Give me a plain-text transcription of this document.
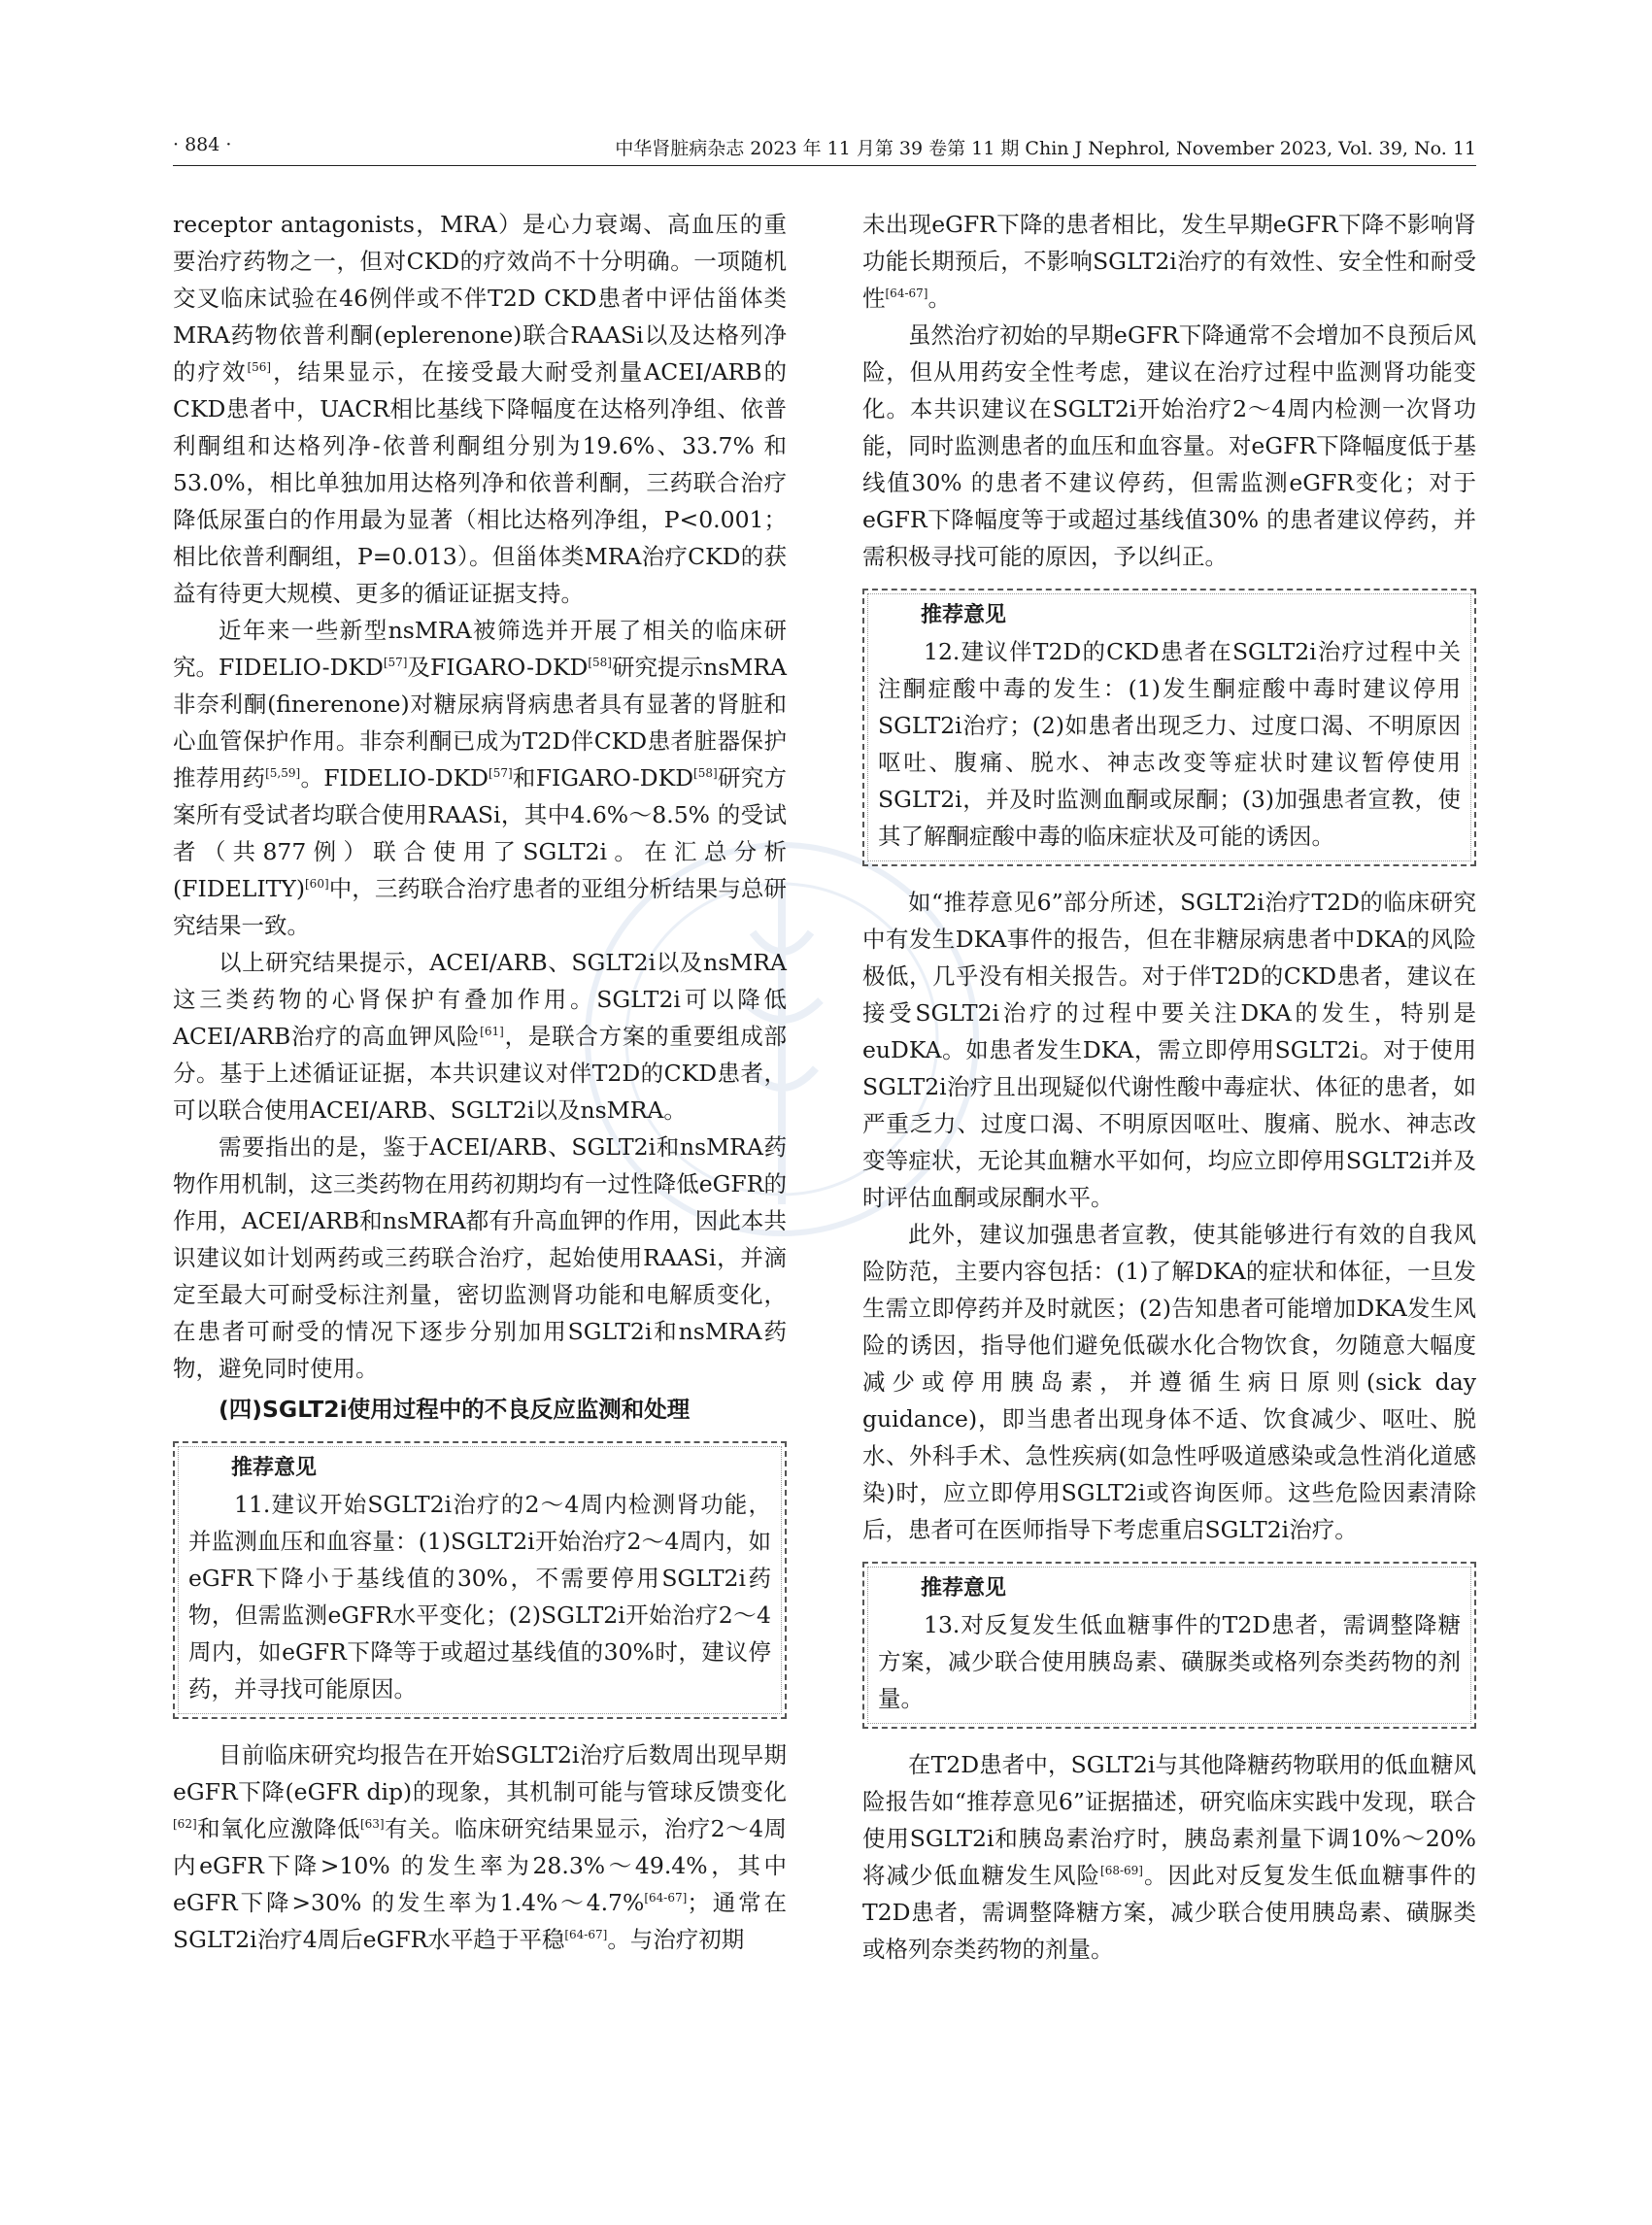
· 884 ·	中华肾脏病杂志 2023 年 11 月第 39 卷第 11 期 Chin J Nephrol, November 2023, Vol. 39, No. 11

receptor antagonists，MRA）是心力衰竭、高血压的重要治疗药物之一，但对CKD的疗效尚不十分明确。一项随机交叉临床试验在46例伴或不伴T2D CKD患者中评估甾体类MRA药物依普利酮(eplerenone)联合RAASi以及达格列净的疗效[56]，结果显示，在接受最大耐受剂量ACEI/ARB的CKD患者中，UACR相比基线下降幅度在达格列净组、依普利酮组和达格列净-依普利酮组分别为19.6%、33.7% 和53.0%，相比单独加用达格列净和依普利酮，三药联合治疗降低尿蛋白的作用最为显著（相比达格列净组，P<0.001；相比依普利酮组，P=0.013）。但甾体类MRA治疗CKD的获益有待更大规模、更多的循证证据支持。

近年来一些新型nsMRA被筛选并开展了相关的临床研究。FIDELIO-DKD[57]及FIGARO-DKD[58]研究提示nsMRA非奈利酮(finerenone)对糖尿病肾病患者具有显著的肾脏和心血管保护作用。非奈利酮已成为T2D伴CKD患者脏器保护推荐用药[5,59]。FIDELIO-DKD[57]和FIGARO-DKD[58]研究方案所有受试者均联合使用RAASi，其中4.6%～8.5% 的受试者（共877例）联合使用了SGLT2i。在汇总分析(FIDELITY)[60]中，三药联合治疗患者的亚组分析结果与总研究结果一致。

以上研究结果提示，ACEI/ARB、SGLT2i以及nsMRA这三类药物的心肾保护有叠加作用。SGLT2i可以降低ACEI/ARB治疗的高血钾风险[61]，是联合方案的重要组成部分。基于上述循证证据，本共识建议对伴T2D的CKD患者，可以联合使用ACEI/ARB、SGLT2i以及nsMRA。

需要指出的是，鉴于ACEI/ARB、SGLT2i和nsMRA药物作用机制，这三类药物在用药初期均有一过性降低eGFR的作用，ACEI/ARB和nsMRA都有升高血钾的作用，因此本共识建议如计划两药或三药联合治疗，起始使用RAASi，并滴定至最大可耐受标注剂量，密切监测肾功能和电解质变化，在患者可耐受的情况下逐步分别加用SGLT2i和nsMRA药物，避免同时使用。

(四)SGLT2i使用过程中的不良反应监测和处理
推荐意见

11.建议开始SGLT2i治疗的2～4周内检测肾功能，并监测血压和血容量：(1)SGLT2i开始治疗2～4周内，如eGFR下降小于基线值的30%，不需要停用SGLT2i药物，但需监测eGFR水平变化；(2)SGLT2i开始治疗2～4周内，如eGFR下降等于或超过基线值的30%时，建议停药，并寻找可能原因。

目前临床研究均报告在开始SGLT2i治疗后数周出现早期eGFR下降(eGFR dip)的现象，其机制可能与管球反馈变化[62]和氧化应激降低[63]有关。临床研究结果显示，治疗2～4周内eGFR下降>10% 的发生率为28.3%～49.4%，其中eGFR下降>30% 的发生率为1.4%～4.7%[64-67]；通常在SGLT2i治疗4周后eGFR水平趋于平稳[64-67]。与治疗初期

未出现eGFR下降的患者相比，发生早期eGFR下降不影响肾功能长期预后，不影响SGLT2i治疗的有效性、安全性和耐受性[64-67]。

虽然治疗初始的早期eGFR下降通常不会增加不良预后风险，但从用药安全性考虑，建议在治疗过程中监测肾功能变化。本共识建议在SGLT2i开始治疗2～4周内检测一次肾功能，同时监测患者的血压和血容量。对eGFR下降幅度低于基线值30% 的患者不建议停药，但需监测eGFR变化；对于eGFR下降幅度等于或超过基线值30% 的患者建议停药，并需积极寻找可能的原因，予以纠正。

推荐意见

12.建议伴T2D的CKD患者在SGLT2i治疗过程中关注酮症酸中毒的发生：(1)发生酮症酸中毒时建议停用SGLT2i治疗；(2)如患者出现乏力、过度口渴、不明原因呕吐、腹痛、脱水、神志改变等症状时建议暂停使用SGLT2i，并及时监测血酮或尿酮；(3)加强患者宣教，使其了解酮症酸中毒的临床症状及可能的诱因。

如“推荐意见6”部分所述，SGLT2i治疗T2D的临床研究中有发生DKA事件的报告，但在非糖尿病患者中DKA的风险极低，几乎没有相关报告。对于伴T2D的CKD患者，建议在接受SGLT2i治疗的过程中要关注DKA的发生，特别是euDKA。如患者发生DKA，需立即停用SGLT2i。对于使用SGLT2i治疗且出现疑似代谢性酸中毒症状、体征的患者，如严重乏力、过度口渴、不明原因呕吐、腹痛、脱水、神志改变等症状，无论其血糖水平如何，均应立即停用SGLT2i并及时评估血酮或尿酮水平。

此外，建议加强患者宣教，使其能够进行有效的自我风险防范，主要内容包括：(1)了解DKA的症状和体征，一旦发生需立即停药并及时就医；(2)告知患者可能增加DKA发生风险的诱因，指导他们避免低碳水化合物饮食，勿随意大幅度减少或停用胰岛素，并遵循生病日原则(sick day guidance)，即当患者出现身体不适、饮食减少、呕吐、脱水、外科手术、急性疾病(如急性呼吸道感染或急性消化道感染)时，应立即停用SGLT2i或咨询医师。这些危险因素清除后，患者可在医师指导下考虑重启SGLT2i治疗。

推荐意见

13.对反复发生低血糖事件的T2D患者，需调整降糖方案，减少联合使用胰岛素、磺脲类或格列奈类药物的剂量。

在T2D患者中，SGLT2i与其他降糖药物联用的低血糖风险报告如“推荐意见6”证据描述，研究临床实践中发现，联合使用SGLT2i和胰岛素治疗时，胰岛素剂量下调10%～20% 将减少低血糖发生风险[68-69]。因此对反复发生低血糖事件的T2D患者，需调整降糖方案，减少联合使用胰岛素、磺脲类或格列奈类药物的剂量。
